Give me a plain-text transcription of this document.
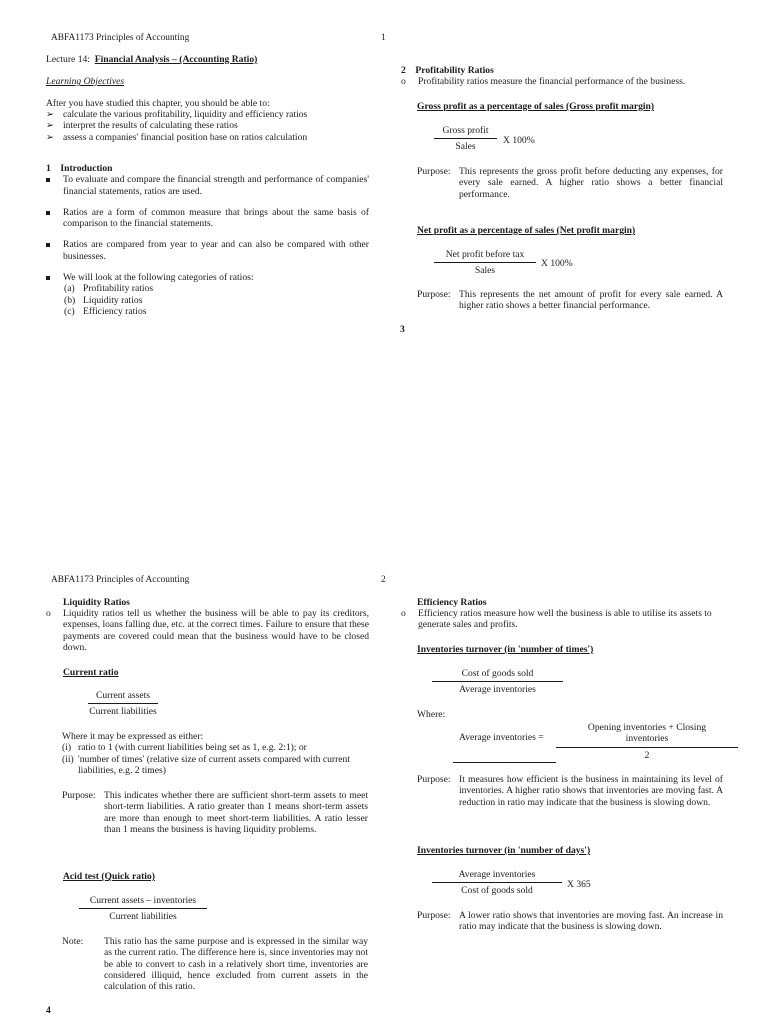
ABFA1173 Principles of Accounting	1
Lecture 14: Financial Analysis – (Accounting Ratio)
Learning Objectives
After you have studied this chapter, you should be able to:
➢ calculate the various profitability, liquidity and efficiency ratios
➢ interpret the results of calculating these ratios
➢ assess a companies' financial position base on ratios calculation
1 Introduction
To evaluate and compare the financial strength and performance of companies' financial statements, ratios are used.
Ratios are a form of common measure that brings about the same basis of comparison to the financial statements.
Ratios are compared from year to year and can also be compared with other businesses.
We will look at the following categories of ratios:
(a) Profitability ratios
(b) Liquidity ratios
(c) Efficiency ratios
2 Profitability Ratios
o	Profitability ratios measure the financial performance of the business.
Gross profit as a percentage of sales (Gross profit margin)
Gross profit
Sales
X 100%
Purpose: This represents the gross profit before deducting any expenses, for every sale earned. A higher ratio shows a better financial performance.
Net profit as a percentage of sales (Net profit margin)
Net profit before tax
Sales
X 100%
Purpose: This represents the net amount of profit for every sale earned. A higher ratio shows a better financial performance.
3
ABFA1173 Principles of Accounting	2
Liquidity Ratios
o	Liquidity ratios tell us whether the business will be able to pay its creditors, expenses, loans falling due, etc. at the correct times. Failure to ensure that these payments are covered could mean that the business would have to be closed down.
Current ratio
Current assets
Current liabilities
Where it may be expressed as either:
(i) ratio to 1 (with current liabilities being set as 1, e.g. 2:1); or
(ii) 'number of times' (relative size of current assets compared with current liabilities, e.g. 2 times)
Purpose: This indicates whether there are sufficient short-term assets to meet short-term liabilities. A ratio greater than 1 means short-term assets are more than enough to meet short-term liabilities. A ratio lesser than 1 means the business is having liquidity problems.
Acid test (Quick ratio)
Current assets – inventories
Current liabilities
Note: This ratio has the same purpose and is expressed in the similar way as the current ratio. The difference here is, since inventories may not be able to convert to cash in a relatively short time, inventories are considered illiquid, hence excluded from current assets in the calculation of this ratio.
4
Efficiency Ratios
o	Efficiency ratios measure how well the business is able to utilise its assets to generate sales and profits.
Inventories turnover (in 'number of times')
Cost of goods sold
Average inventories
Where:
Average inventories =
Opening inventories + Closing inventories
2
Purpose: It measures how efficient is the business in maintaining its level of inventories. A higher ratio shows that inventories are moving fast. A reduction in ratio may indicate that the business is slowing down.
Inventories turnover (in 'number of days')
Average inventories
Cost of goods sold
X 365
Purpose: A lower ratio shows that inventories are moving fast. An increase in ratio may indicate that the business is slowing down.
